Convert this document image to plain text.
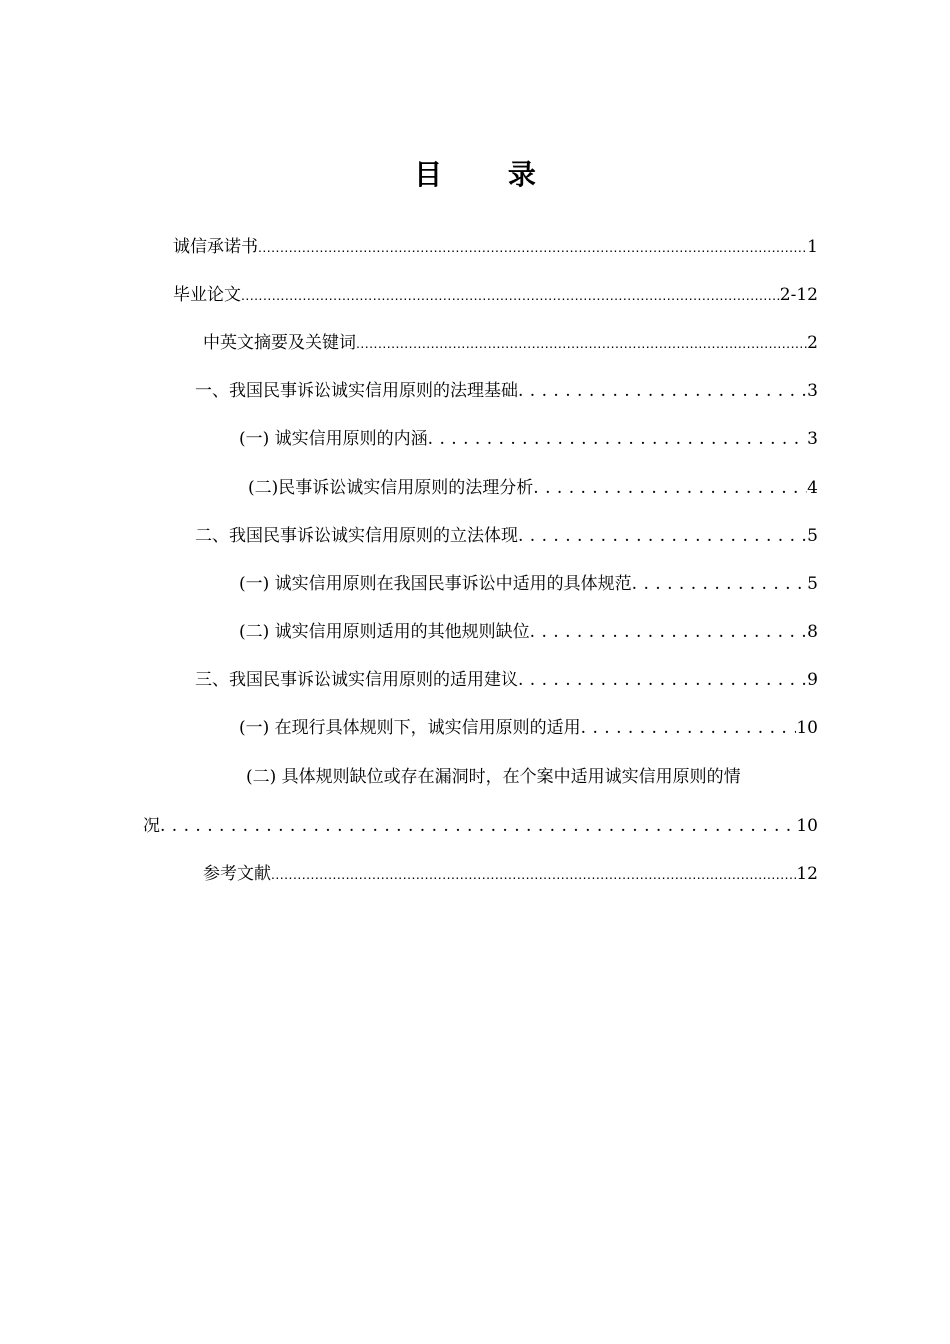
目 录
诚信承诺书 .....	1
毕业论文 .....	2-12
中英文摘要及关键词 .....	2
一、我国民事诉讼诚实信用原则的法理基础 . . .	3
(一) 诚实信用原则的内涵 . . .	3
(二)民事诉讼诚实信用原则的法理分析 . . .	4
二、我国民事诉讼诚实信用原则的立法体现 . . .	5
(一) 诚实信用原则在我国民事诉讼中适用的具体规范 . . .	5
(二) 诚实信用原则适用的其他规则缺位 . . .	8
三、我国民事诉讼诚实信用原则的适用建议 . . .	9
(一) 在现行具体规则下，诚实信用原则的适用 . . .	10
(二) 具体规则缺位或存在漏洞时，在个案中适用诚实信用原则的情
况 . . .	10
参考文献 .....	12
